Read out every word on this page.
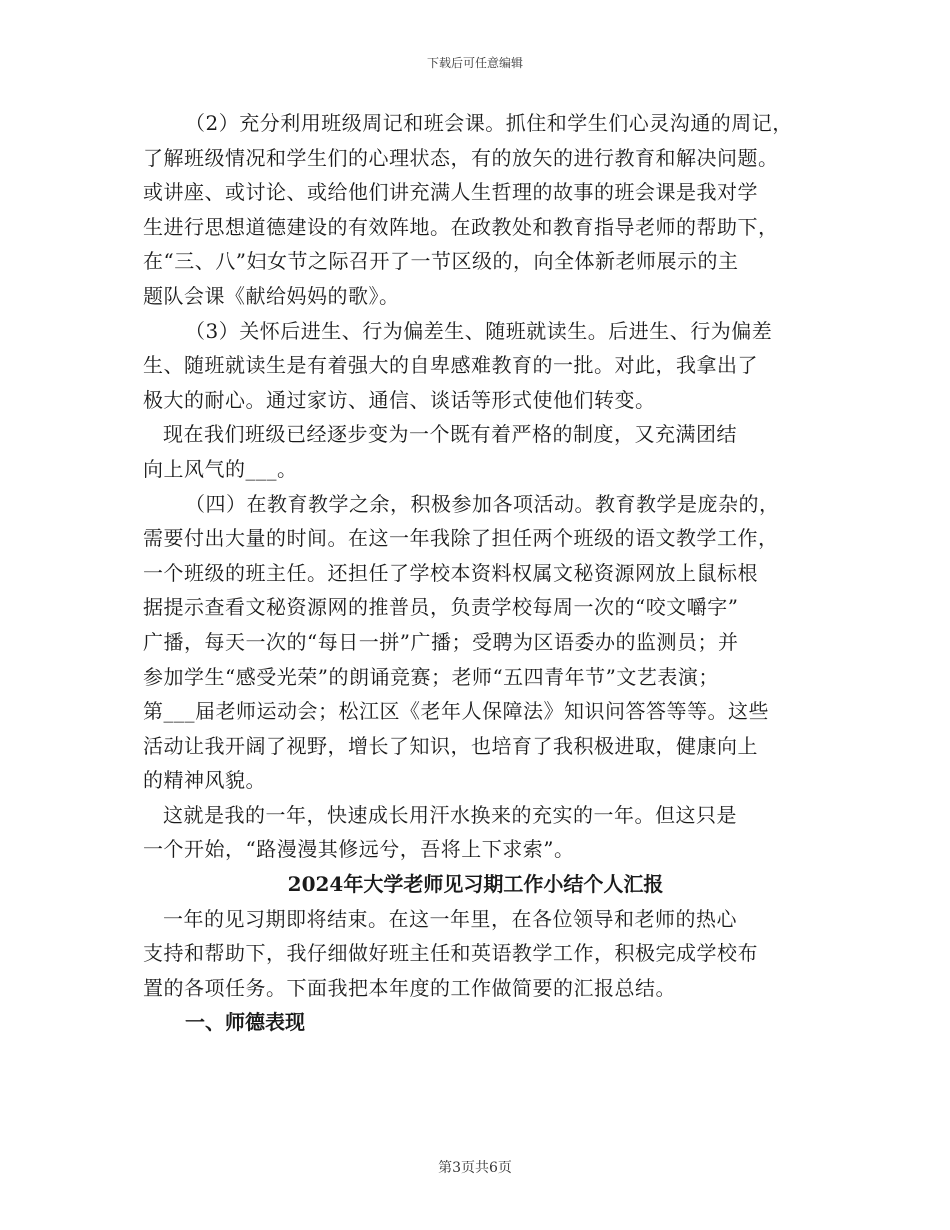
下载后可任意编辑
（2）充分利用班级周记和班会课。抓住和学生们心灵沟通的周记，
了解班级情况和学生们的心理状态，有的放矢的进行教育和解决问题。
或讲座、或讨论、或给他们讲充满人生哲理的故事的班会课是我对学
生进行思想道德建设的有效阵地。在政教处和教育指导老师的帮助下，
在“三、八”妇女节之际召开了一节区级的，向全体新老师展示的主
题队会课《献给妈妈的歌》。
（3）关怀后进生、行为偏差生、随班就读生。后进生、行为偏差
生、随班就读生是有着强大的自卑感难教育的一批。对此，我拿出了
极大的耐心。通过家访、通信、谈话等形式使他们转变。
现在我们班级已经逐步变为一个既有着严格的制度，又充满团结
向上风气的___。
（四）在教育教学之余，积极参加各项活动。教育教学是庞杂的，
需要付出大量的时间。在这一年我除了担任两个班级的语文教学工作，
一个班级的班主任。还担任了学校本资料权属文秘资源网放上鼠标根
据提示查看文秘资源网的推普员，负责学校每周一次的“咬文嚼字”
广播，每天一次的“每日一拼”广播；受聘为区语委办的监测员；并
参加学生“感受光荣”的朗诵竞赛；老师“五四青年节”文艺表演；
第___届老师运动会；松江区《老年人保障法》知识问答答等等。这些
活动让我开阔了视野，增长了知识，也培育了我积极进取，健康向上
的精神风貌。
这就是我的一年，快速成长用汗水换来的充实的一年。但这只是
一个开始，“路漫漫其修远兮，吾将上下求索”。
2024年大学老师见习期工作小结个人汇报
一年的见习期即将结束。在这一年里，在各位领导和老师的热心
支持和帮助下，我仔细做好班主任和英语教学工作，积极完成学校布
置的各项任务。下面我把本年度的工作做简要的汇报总结。
一、师德表现
第3页共6页
